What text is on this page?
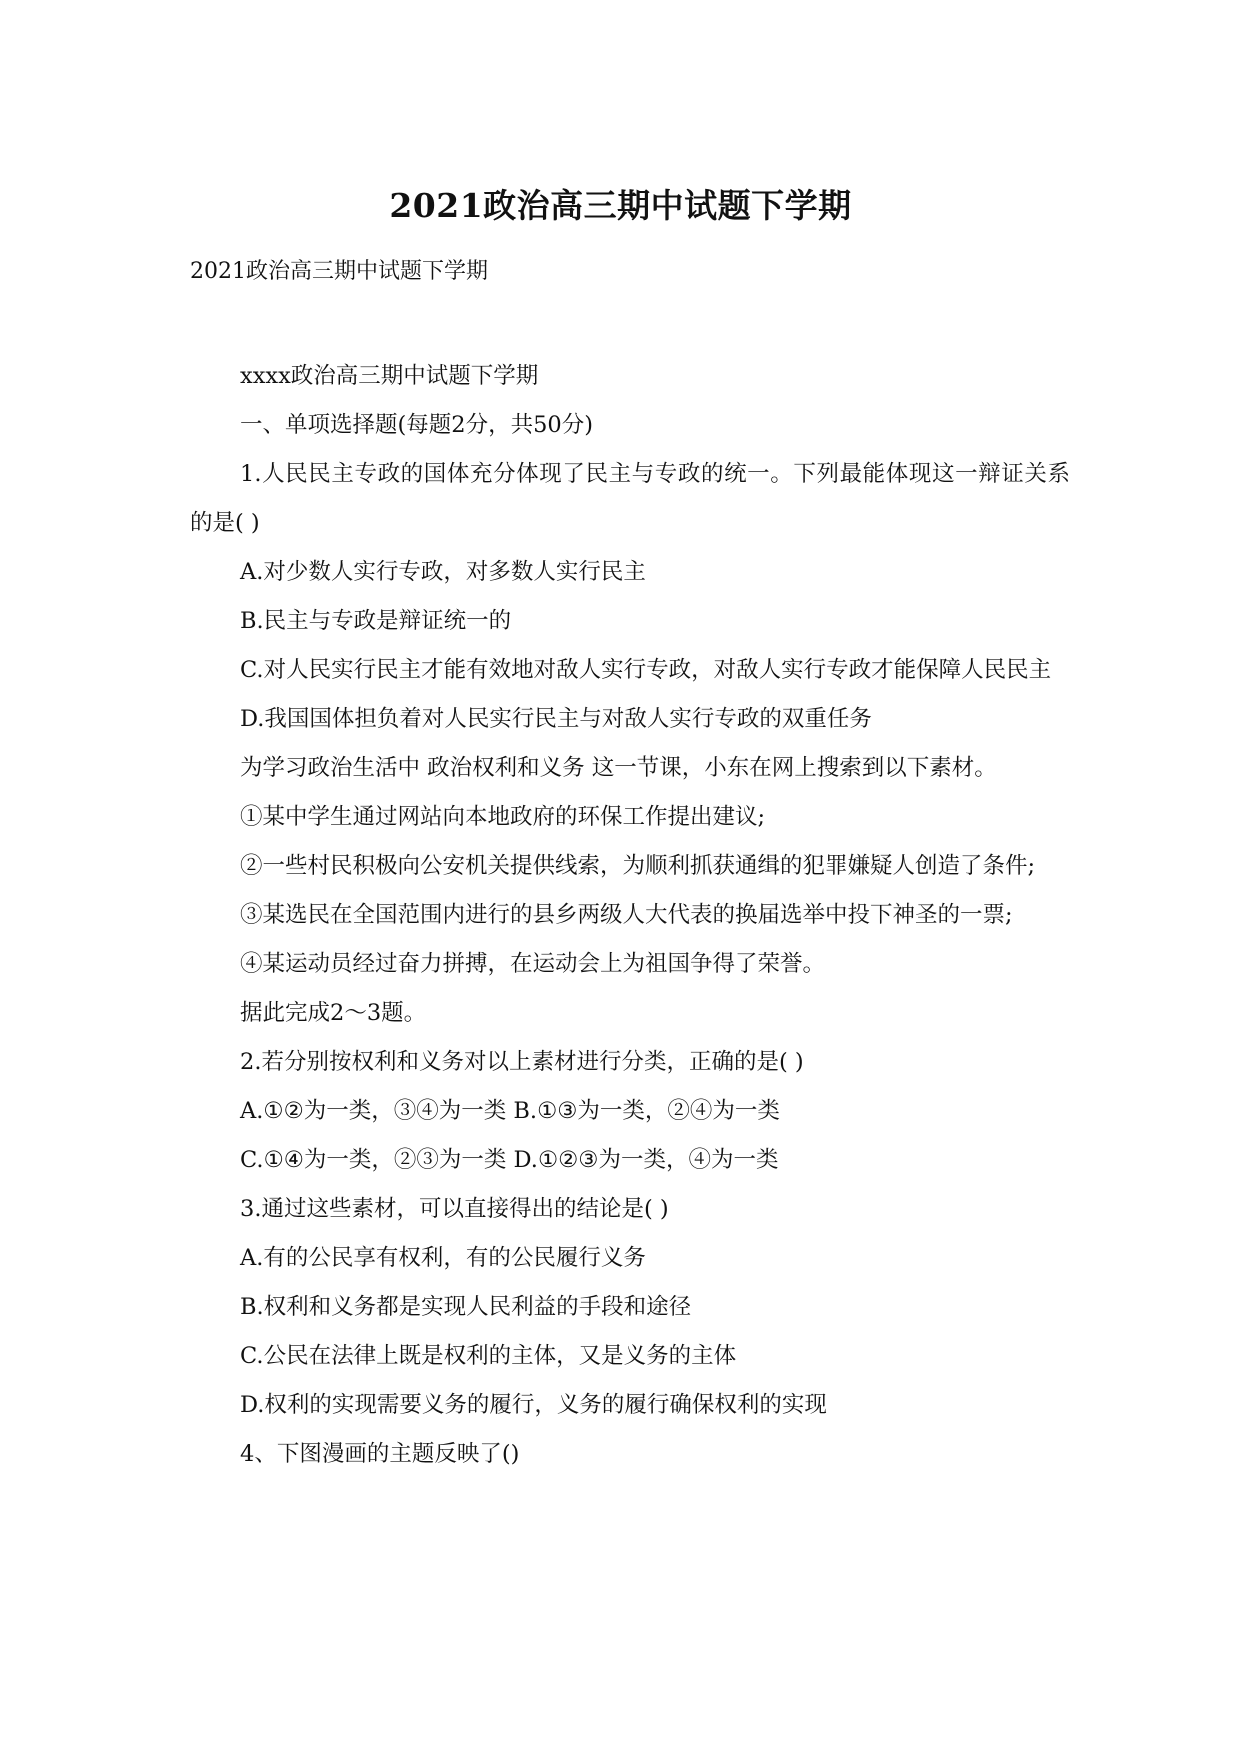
2021政治高三期中试题下学期
2021政治高三期中试题下学期

xxxx政治高三期中试题下学期

一、单项选择题(每题2分，共50分)

1.人民民主专政的国体充分体现了民主与专政的统一。下列最能体现这一辩证关系的是( )

A.对少数人实行专政，对多数人实行民主

B.民主与专政是辩证统一的

C.对人民实行民主才能有效地对敌人实行专政，对敌人实行专政才能保障人民民主

D.我国国体担负着对人民实行民主与对敌人实行专政的双重任务

为学习政治生活中 政治权利和义务 这一节课，小东在网上搜索到以下素材。

①某中学生通过网站向本地政府的环保工作提出建议;

②一些村民积极向公安机关提供线索，为顺利抓获通缉的犯罪嫌疑人创造了条件;

③某选民在全国范围内进行的县乡两级人大代表的换届选举中投下神圣的一票;

④某运动员经过奋力拼搏，在运动会上为祖国争得了荣誉。

据此完成2～3题。

2.若分别按权利和义务对以上素材进行分类，正确的是( )

A.①②为一类，③④为一类 B.①③为一类，②④为一类

C.①④为一类，②③为一类 D.①②③为一类，④为一类

3.通过这些素材，可以直接得出的结论是( )

A.有的公民享有权利，有的公民履行义务

B.权利和义务都是实现人民利益的手段和途径

C.公民在法律上既是权利的主体，又是义务的主体

D.权利的实现需要义务的履行，义务的履行确保权利的实现

4、下图漫画的主题反映了()
